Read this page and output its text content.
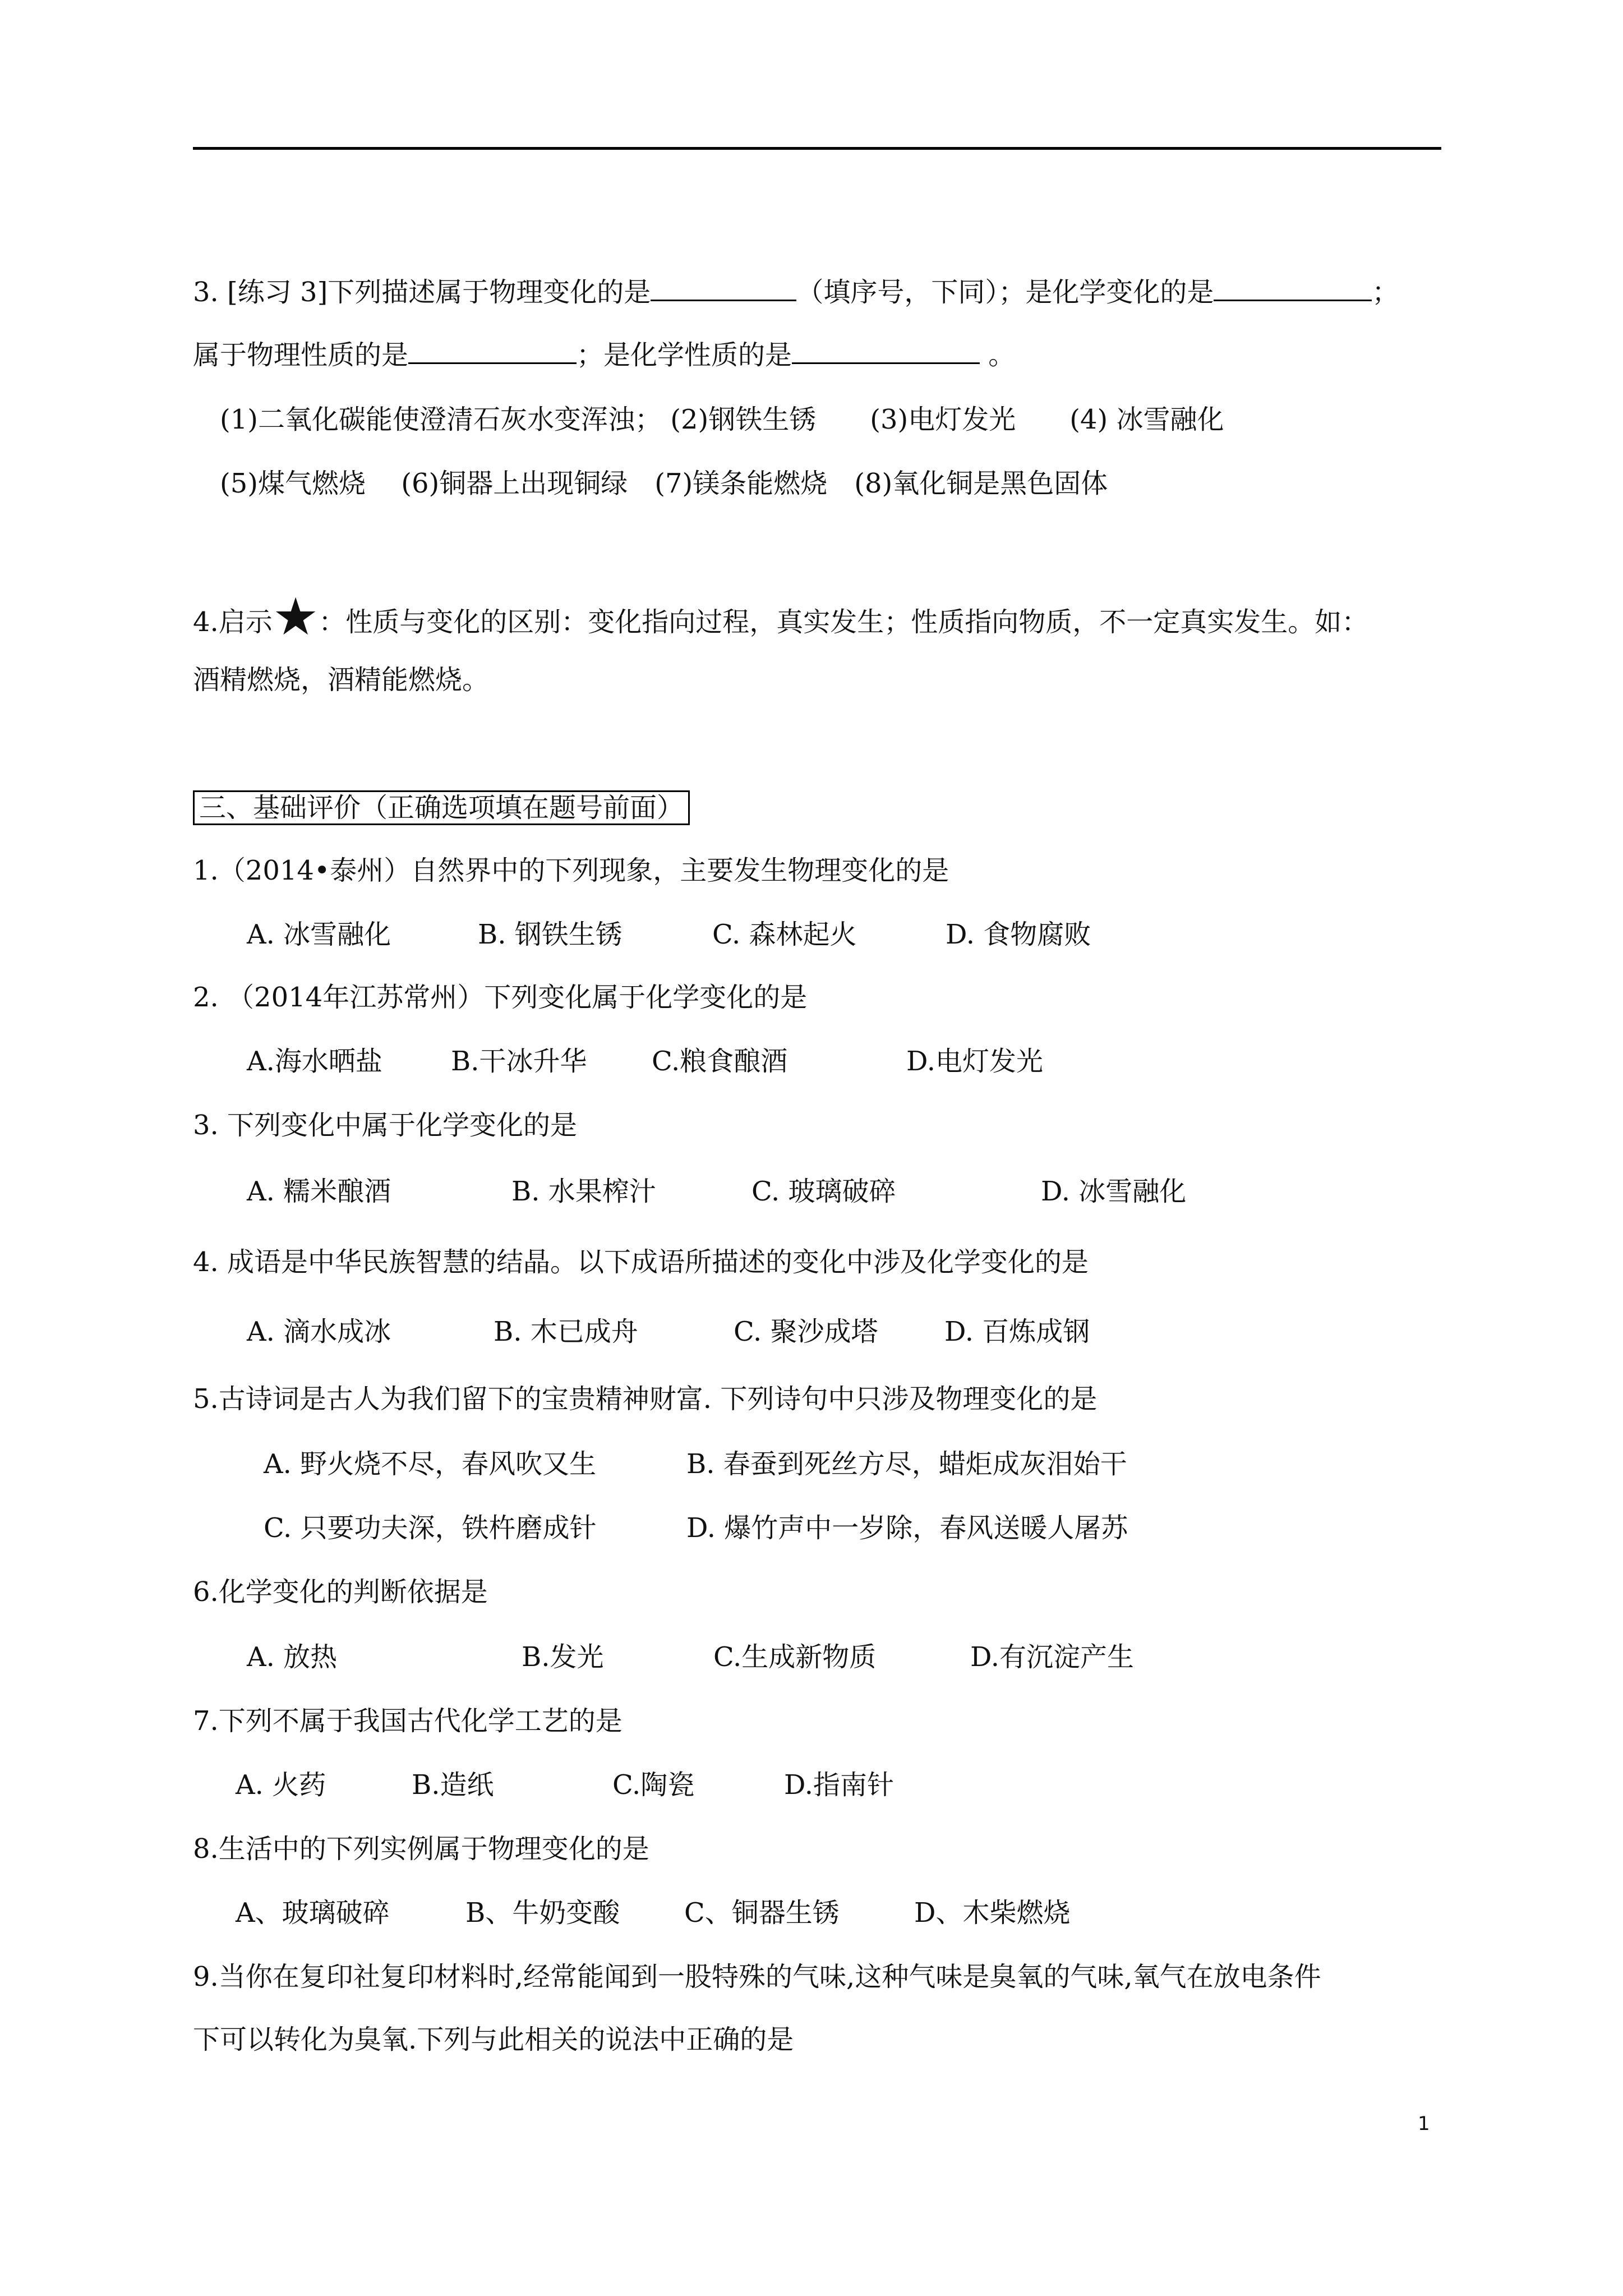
3. [练习 3]下列描述属于物理变化的是	（填序号，下同）；是化学变化的是	；
属于物理性质的是	；是化学性质的是	。
(1)二氧化碳能使澄清石灰水变浑浊； (2)钢铁生锈　　(3)电灯发光　　(4) 冰雪融化
(5)煤气燃烧　 (6)铜器上出现铜绿　(7)镁条能燃烧　(8)氧化铜是黑色固体
4.启示★：性质与变化的区别：变化指向过程，真实发生；性质指向物质，不一定真实发生。如：
酒精燃烧，酒精能燃烧。
三、基础评价（正确选项填在题号前面）
1.（2014•泰州）自然界中的下列现象，主要发生物理变化的是
A. 冰雪融化	B. 钢铁生锈	C. 森林起火	D. 食物腐败
2. （2014年江苏常州）下列变化属于化学变化的是
A.海水晒盐	B.干冰升华 C.粮食酿酒	D.电灯发光
3. 下列变化中属于化学变化的是
A. 糯米酿酒	B. 水果榨汁	C. 玻璃破碎	D. 冰雪融化
4. 成语是中华民族智慧的结晶。以下成语所描述的变化中涉及化学变化的是
A. 滴水成冰	B. 木已成舟	C. 聚沙成塔 D. 百炼成钢
5.古诗词是古人为我们留下的宝贵精神财富. 下列诗句中只涉及物理变化的是
A. 野火烧不尽，春风吹又生	B. 春蚕到死丝方尽，蜡炬成灰泪始干
C. 只要功夫深，铁杵磨成针	D. 爆竹声中一岁除，春风送暖人屠苏
6.化学变化的判断依据是
A. 放热	B.发光	C.生成新物质	D.有沉淀产生
7.下列不属于我国古代化学工艺的是
A. 火药	B.造纸	C.陶瓷	D.指南针
8.生活中的下列实例属于物理变化的是
A、玻璃破碎	B、牛奶变酸 C、铜器生锈	D、木柴燃烧
9.当你在复印社复印材料时,经常能闻到一股特殊的气味,这种气味是臭氧的气味,氧气在放电条件
下可以转化为臭氧.下列与此相关的说法中正确的是
1
